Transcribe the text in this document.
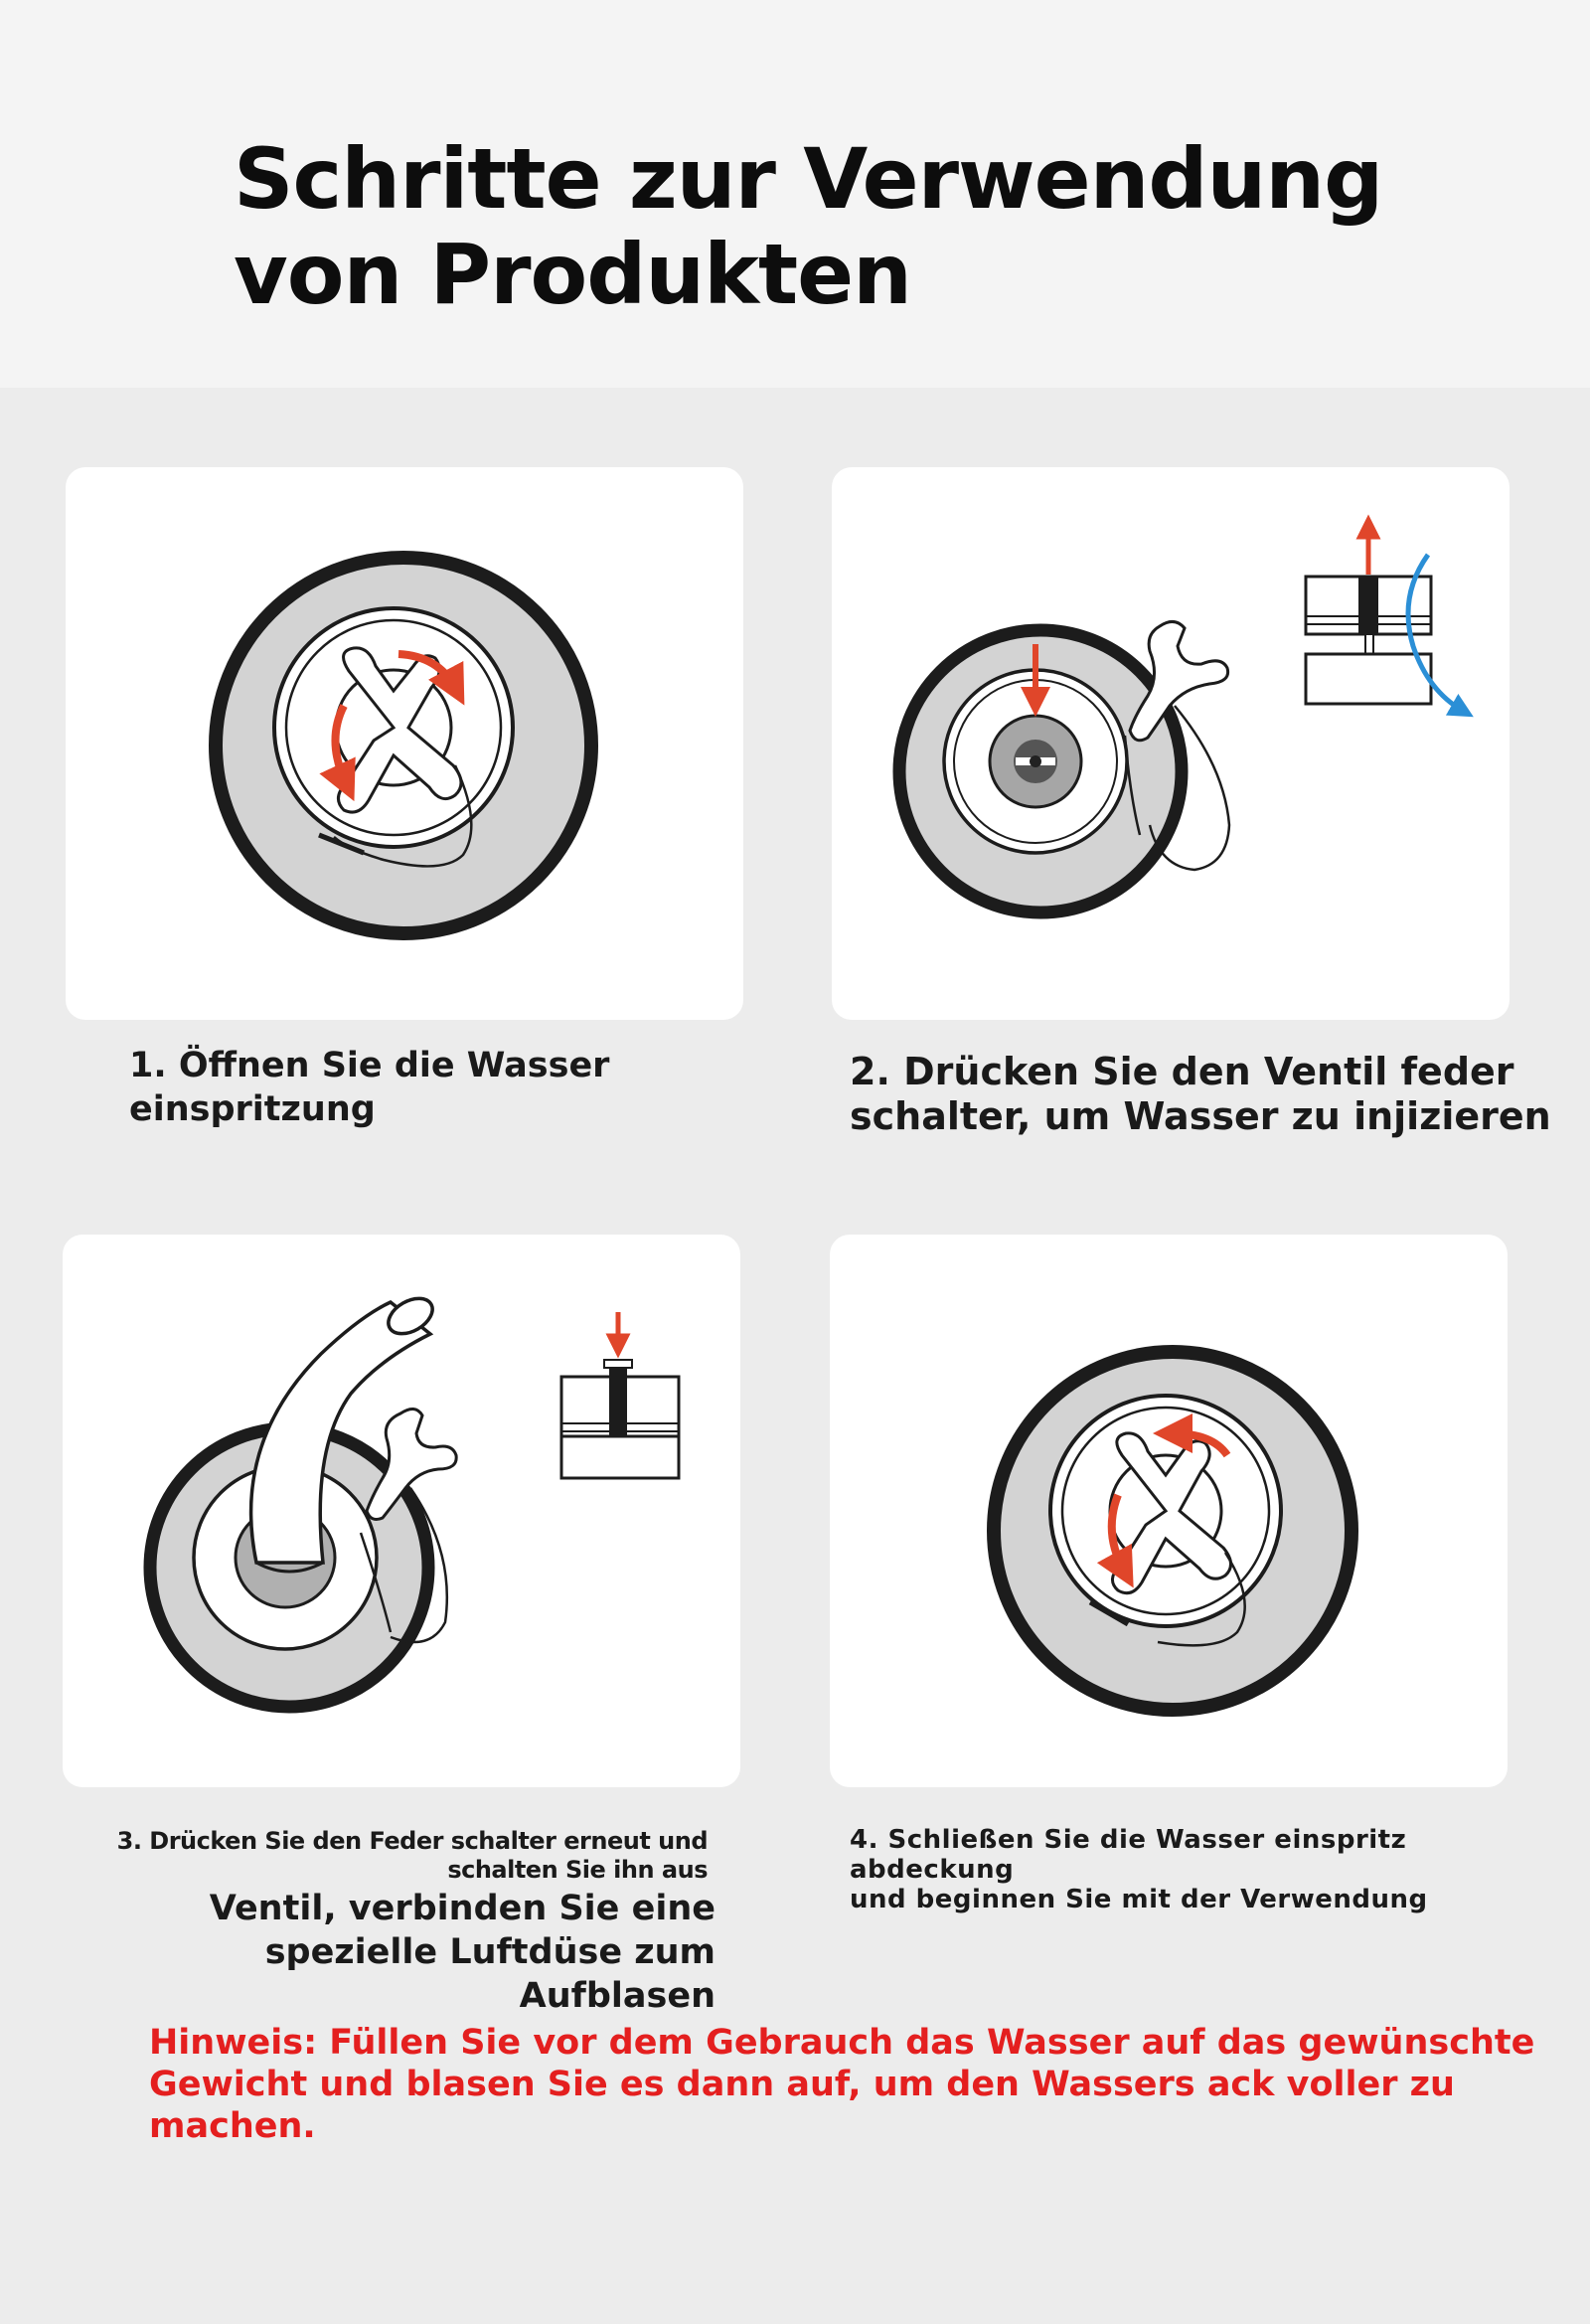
Schritte zur Verwendung
von Produkten
1. Öffnen Sie die Wasser
einspritzung
2. Drücken Sie den Ventil feder
schalter, um Wasser zu injizieren
3. Drücken Sie den Feder schalter erneut und
schalten Sie ihn aus
Ventil, verbinden Sie eine
spezielle Luftdüse zum Aufblasen
4. Schließen Sie die Wasser einspritz abdeckung
und beginnen Sie mit der Verwendung
Hinweis: Füllen Sie vor dem Gebrauch das Wasser auf das gewünschte
Gewicht und blasen Sie es dann auf, um den Wassers ack voller zu machen.
